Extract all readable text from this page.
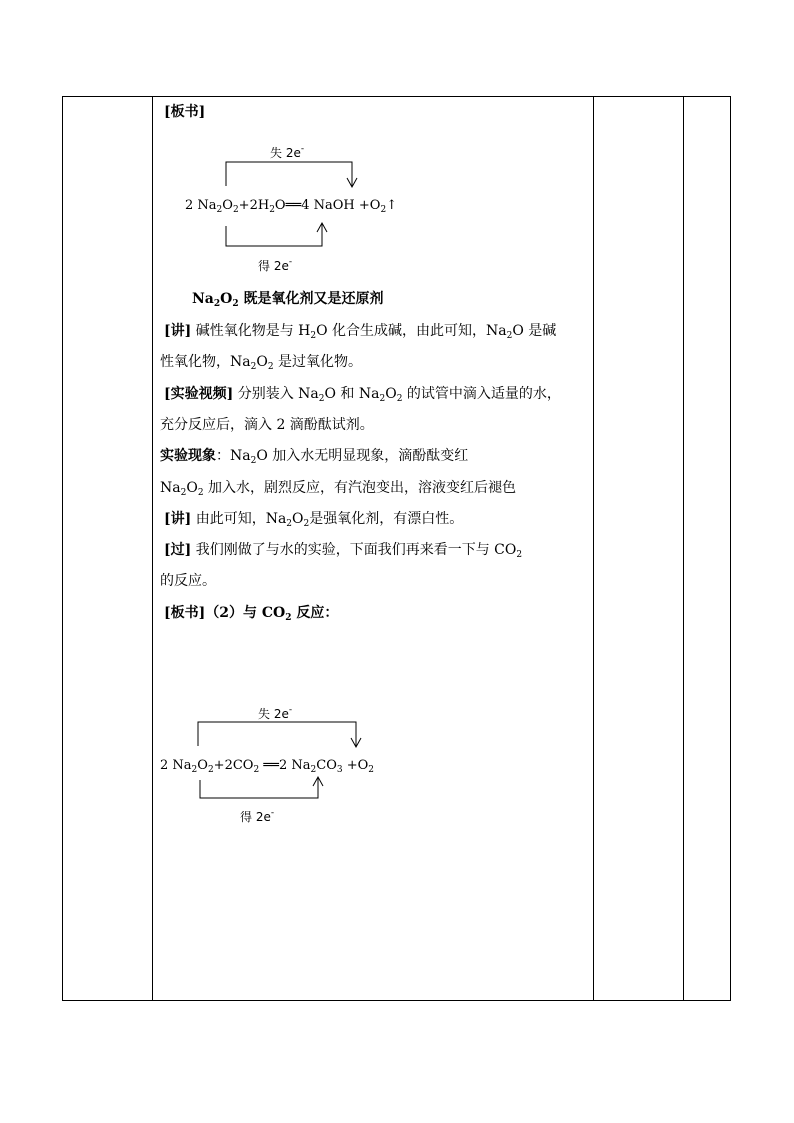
[板书]
失 2e-
2 $Na_2O_2+2H_2O══4$ NaOH $+O_2↑$
得 2e-
$Na_2O_2$ 既是氧化剂又是还原剂
[讲] 碱性氧化物是与 $H_2O$ 化合生成碱，由此可知，$Na_2O$ 是碱
性氧化物，$Na_2O_2$ 是过氧化物。
[实验视频] 分别装入 $Na_2O$ 和 $Na_2O_2$ 的试管中滴入适量的水，
充分反应后，滴入 2 滴酚酞试剂。
实验现象：$Na_2O$ 加入水无明显现象，滴酚酞变红
$Na_2O_2$ 加入水，剧烈反应，有汽泡变出，溶液变红后褪色
[讲] 由此可知，$Na_2O_2$是强氧化剂，有漂白性。
[过] 我们刚做了与水的实验，下面我们再来看一下与 $CO_2$
的反应。
[板书]（2）与 $CO_2$ 反应：
失 2e-
2 $Na_2O_2+2CO_2$ ══2 $Na_2CO_3 +O_2$
得 2e-
